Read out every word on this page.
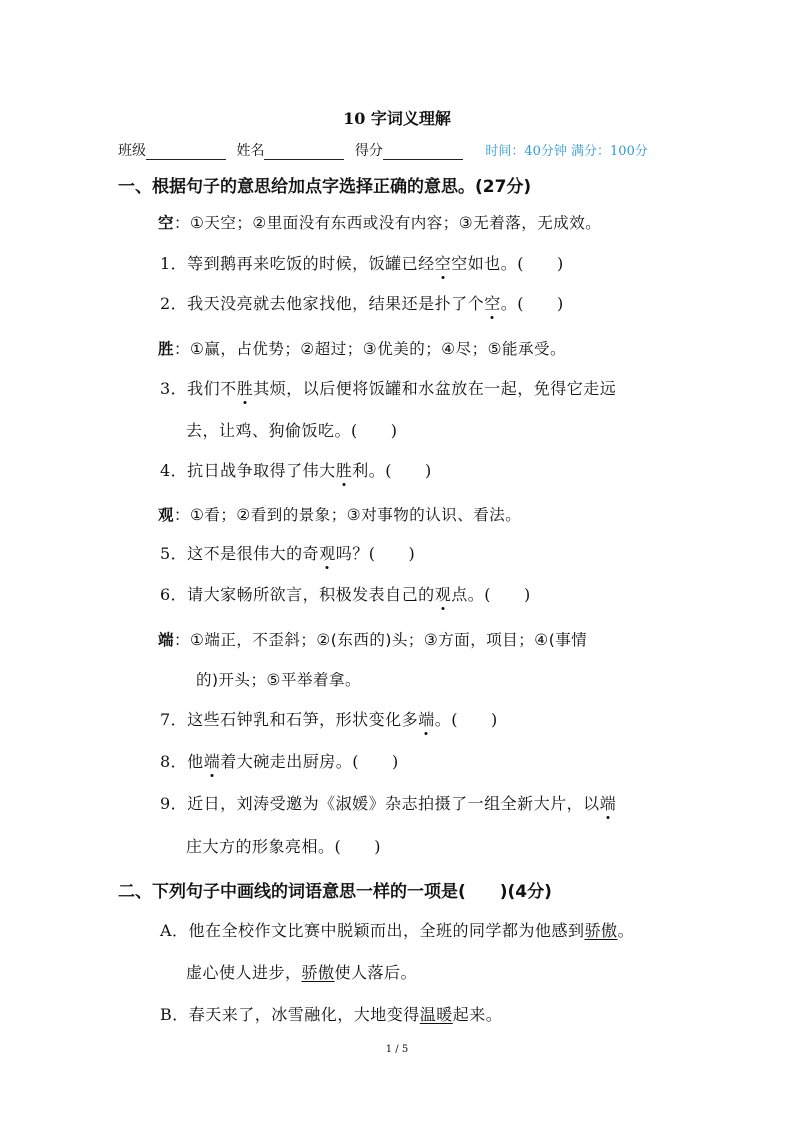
10 字词义理解
班级	姓名	得分	时间：40分钟 满分：100分
一、根据句子的意思给加点字选择正确的意思。(27分)
空：①天空；②里面没有东西或没有内容；③无着落，无成效。
1．等到鹅再来吃饭的时候，饭罐已经空空如也。(　　)
2．我天没亮就去他家找他，结果还是扑了个空。(　　)
胜：①赢，占优势；②超过；③优美的；④尽；⑤能承受。
3．我们不胜其烦，以后便将饭罐和水盆放在一起，免得它走远
去，让鸡、狗偷饭吃。(　　)
4．抗日战争取得了伟大胜利。(　　)
观：①看；②看到的景象；③对事物的认识、看法。
5．这不是很伟大的奇观吗？(　　)
6．请大家畅所欲言，积极发表自己的观点。(　　)
端：①端正，不歪斜；②(东西的)头；③方面，项目；④(事情
的)开头；⑤平举着拿。
7．这些石钟乳和石笋，形状变化多端。(　　)
8．他端着大碗走出厨房。(　　)
9．近日，刘涛受邀为《淑媛》杂志拍摄了一组全新大片，以端
庄大方的形象亮相。(　　)
二、下列句子中画线的词语意思一样的一项是(　　)(4分)
A．他在全校作文比赛中脱颖而出，全班的同学都为他感到骄傲。
虚心使人进步，骄傲使人落后。
B．春天来了，冰雪融化，大地变得温暖起来。
1 / 5
